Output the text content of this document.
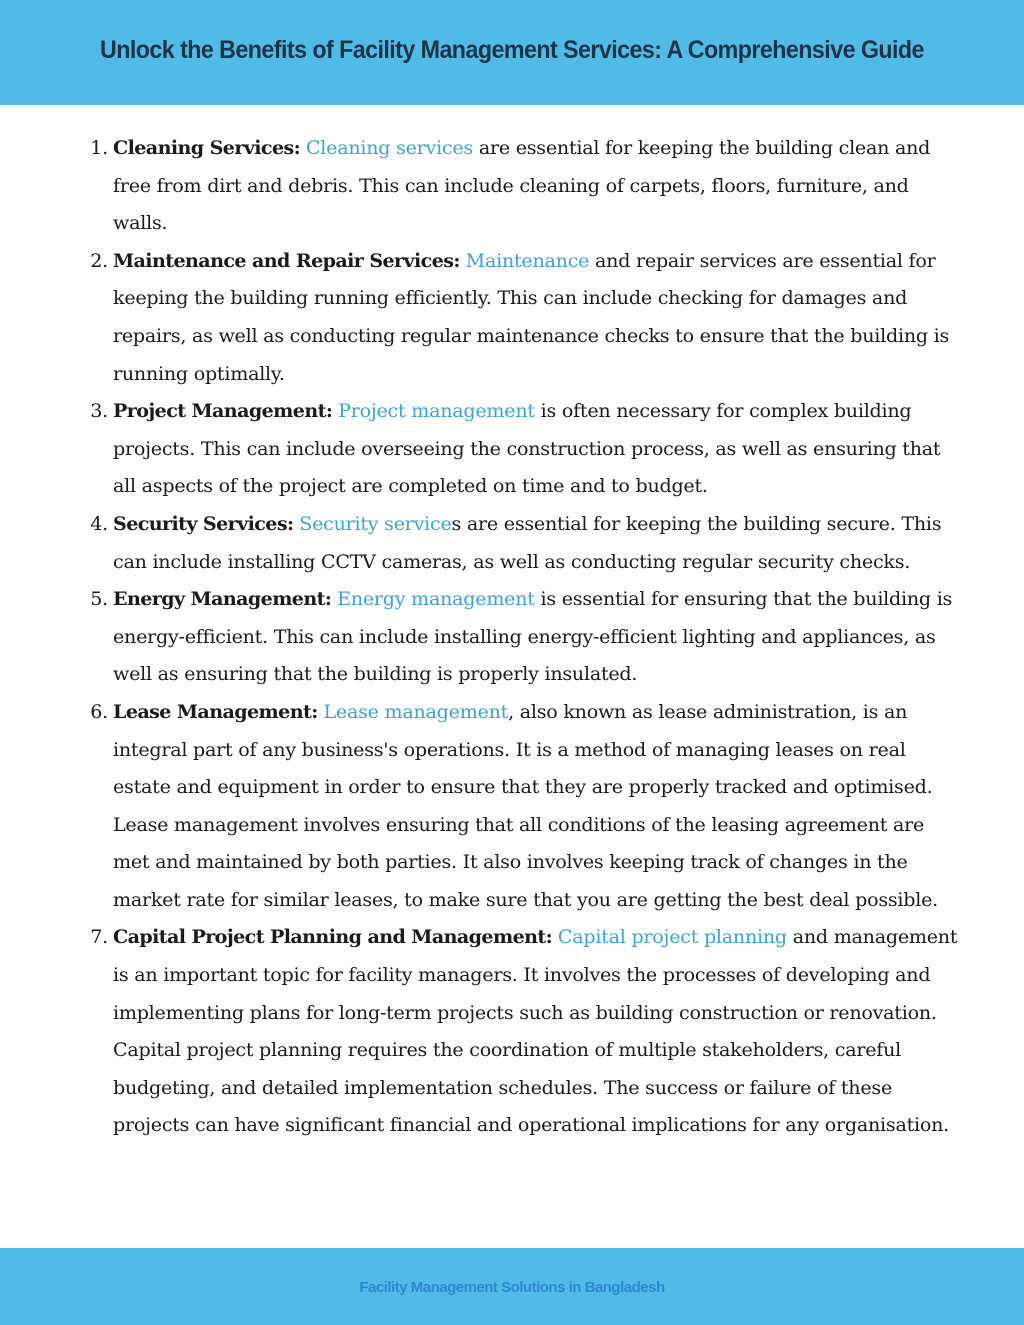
Unlock the Benefits of Facility Management Services: A Comprehensive Guide
1. Cleaning Services: Cleaning services are essential for keeping the building clean and free from dirt and debris. This can include cleaning of carpets, floors, furniture, and walls.
2. Maintenance and Repair Services: Maintenance and repair services are essential for keeping the building running efficiently. This can include checking for damages and repairs, as well as conducting regular maintenance checks to ensure that the building is running optimally.
3. Project Management: Project management is often necessary for complex building projects. This can include overseeing the construction process, as well as ensuring that all aspects of the project are completed on time and to budget.
4. Security Services: Security services are essential for keeping the building secure. This can include installing CCTV cameras, as well as conducting regular security checks.
5. Energy Management: Energy management is essential for ensuring that the building is energy-efficient. This can include installing energy-efficient lighting and appliances, as well as ensuring that the building is properly insulated.
6. Lease Management: Lease management, also known as lease administration, is an integral part of any business's operations. It is a method of managing leases on real estate and equipment in order to ensure that they are properly tracked and optimised. Lease management involves ensuring that all conditions of the leasing agreement are met and maintained by both parties. It also involves keeping track of changes in the market rate for similar leases, to make sure that you are getting the best deal possible.
7. Capital Project Planning and Management: Capital project planning and management is an important topic for facility managers. It involves the processes of developing and implementing plans for long-term projects such as building construction or renovation. Capital project planning requires the coordination of multiple stakeholders, careful budgeting, and detailed implementation schedules. The success or failure of these projects can have significant financial and operational implications for any organisation.
Facility Management Solutions in Bangladesh
